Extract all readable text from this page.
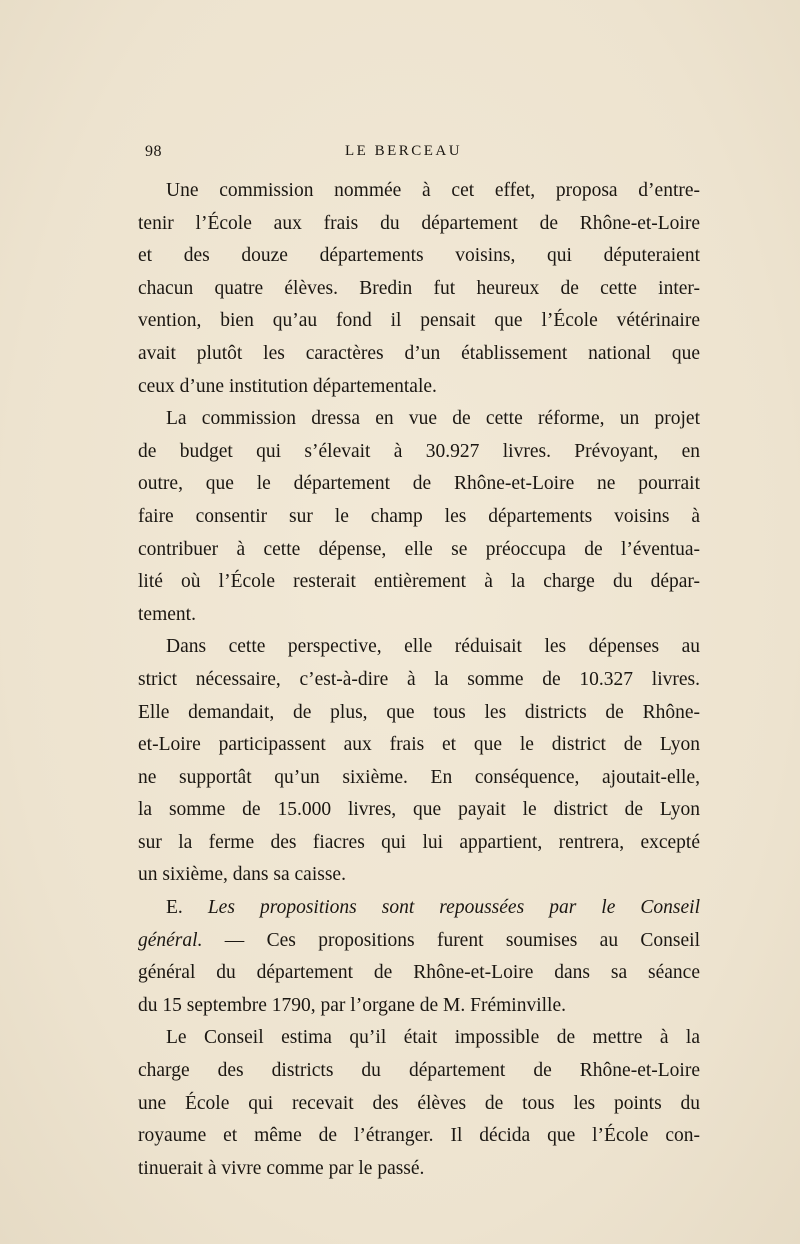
98	LE BERCEAU
Une commission nommée à cet effet, proposa d’entre-
tenir l’École aux frais du département de Rhône-et-Loire
et des douze départements voisins, qui députeraient
chacun quatre élèves. Bredin fut heureux de cette inter-
vention, bien qu’au fond il pensait que l’École vétérinaire
avait plutôt les caractères d’un établissement national que
ceux d’une institution départementale.
La commission dressa en vue de cette réforme, un projet
de budget qui s’élevait à 30.927 livres. Prévoyant, en
outre, que le département de Rhône-et-Loire ne pourrait
faire consentir sur le champ les départements voisins à
contribuer à cette dépense, elle se préoccupa de l’éventua-
lité où l’École resterait entièrement à la charge du dépar-
tement.
Dans cette perspective, elle réduisait les dépenses au
strict nécessaire, c’est-à-dire à la somme de 10.327 livres.
Elle demandait, de plus, que tous les districts de Rhône-
et-Loire participassent aux frais et que le district de Lyon
ne supportât qu’un sixième. En conséquence, ajoutait-elle,
la somme de 15.000 livres, que payait le district de Lyon
sur la ferme des fiacres qui lui appartient, rentrera, excepté
un sixième, dans sa caisse.
E. Les propositions sont repoussées par le Conseil
général. — Ces propositions furent soumises au Conseil
général du département de Rhône-et-Loire dans sa séance
du 15 septembre 1790, par l’organe de M. Fréminville.
Le Conseil estima qu’il était impossible de mettre à la
charge des districts du département de Rhône-et-Loire
une École qui recevait des élèves de tous les points du
royaume et même de l’étranger. Il décida que l’École con-
tinuerait à vivre comme par le passé.
